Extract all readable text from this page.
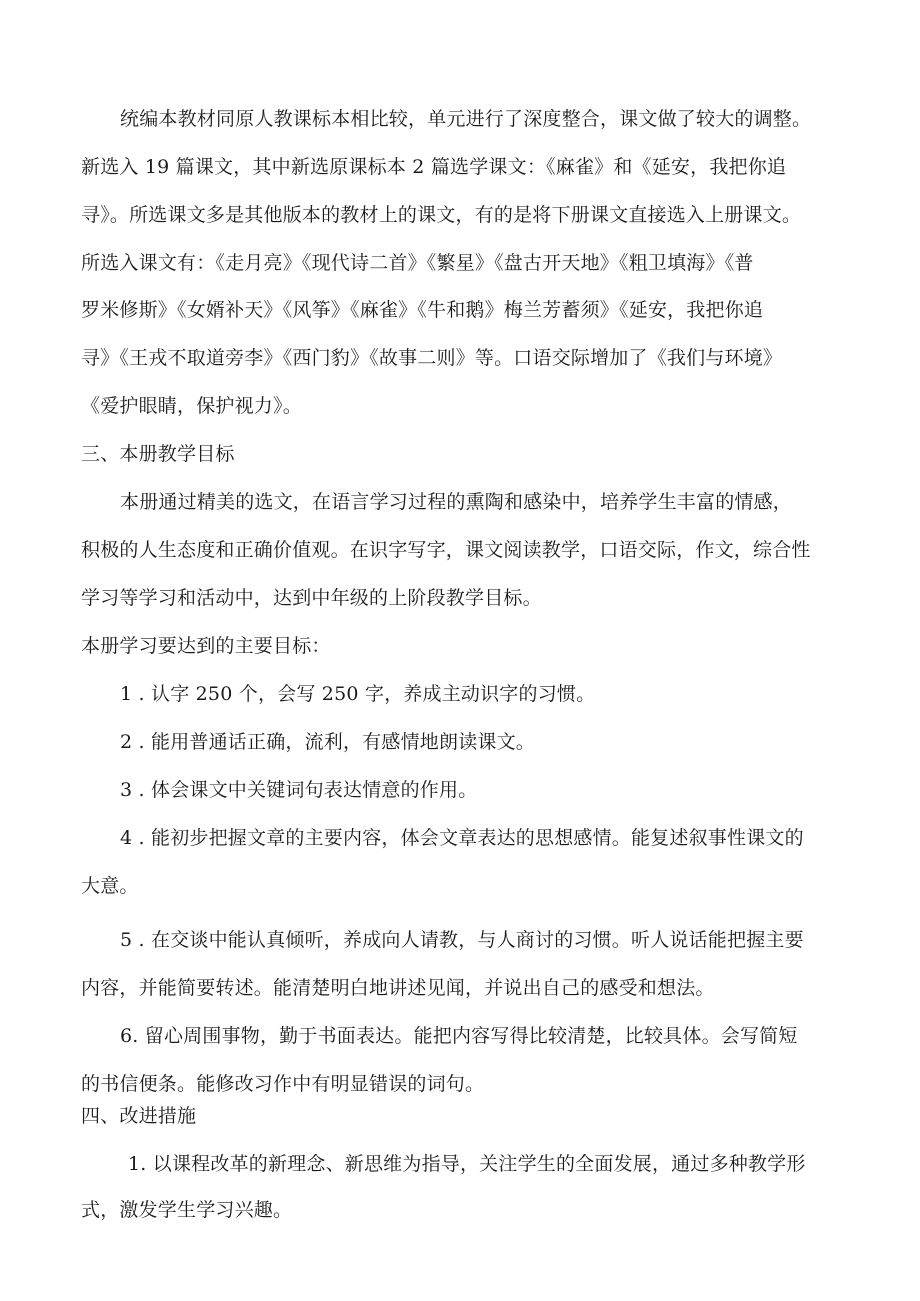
统编本教材同原人教课标本相比较，单元进行了深度整合，课文做了较大的调整。
新选入 19 篇课文，其中新选原课标本 2 篇选学课文：《麻雀》和《延安，我把你追
寻》。所选课文多是其他版本的教材上的课文，有的是将下册课文直接选入上册课文。
所选入课文有：《走月亮》《现代诗二首》《繁星》《盘古开天地》《粗卫填海》《普
罗米修斯》《女婿补天》《风筝》《麻雀》《牛和鹅》梅兰芳蓄须》《延安，我把你追
寻》《王戎不取道旁李》《西门豹》《故事二则》等。口语交际增加了《我们与环境》
《爱护眼睛，保护视力》。
三、本册教学目标
本册通过精美的选文，在语言学习过程的熏陶和感染中，培养学生丰富的情感，
积极的人生态度和正确价值观。在识字写字，课文阅读教学，口语交际，作文，综合性
学习等学习和活动中，达到中年级的上阶段教学目标。
本册学习要达到的主要目标：
1 . 认字 250 个，会写 250 字，养成主动识字的习惯。
2 . 能用普通话正确，流利，有感情地朗读课文。
3 . 体会课文中关键词句表达情意的作用。
4 . 能初步把握文章的主要内容，体会文章表达的思想感情。能复述叙事性课文的
大意。
5 . 在交谈中能认真倾听，养成向人请教，与人商讨的习惯。听人说话能把握主要
内容，并能简要转述。能清楚明白地讲述见闻，并说出自己的感受和想法。
6. 留心周围事物，勤于书面表达。能把内容写得比较清楚，比较具体。会写简短
的书信便条。能修改习作中有明显错误的词句。
四、改进措施
1. 以课程改革的新理念、新思维为指导，关注学生的全面发展，通过多种教学形
式，激发学生学习兴趣。
